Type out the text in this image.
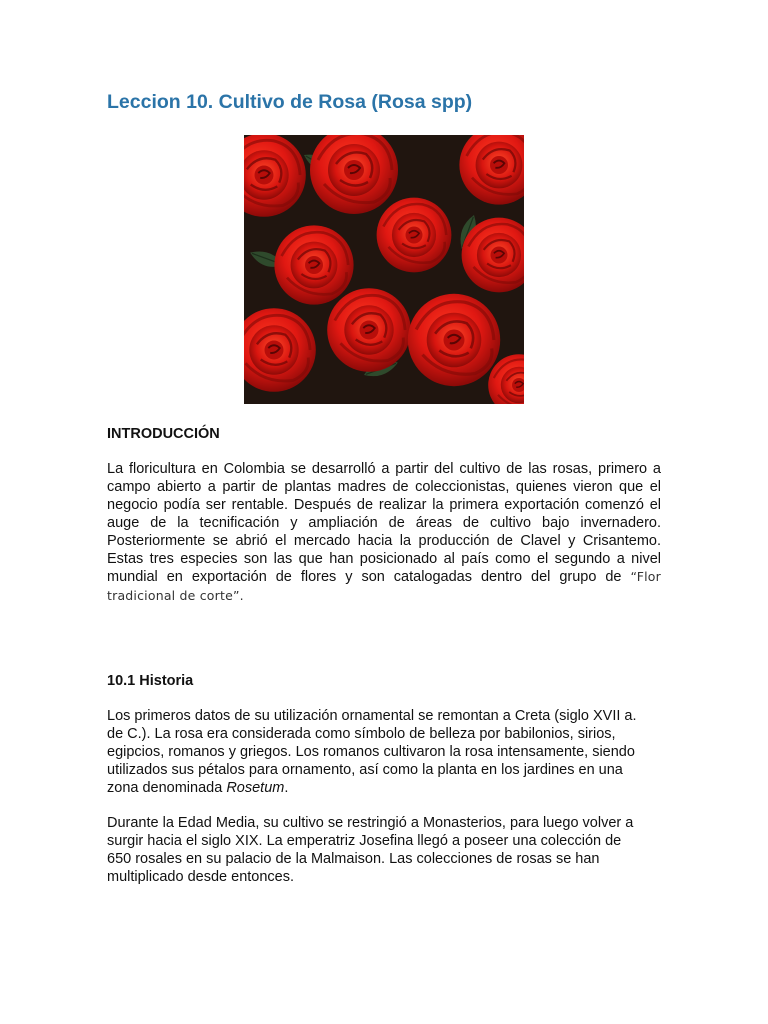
Leccion 10. Cultivo de Rosa (Rosa spp)
INTRODUCCIÓN
La floricultura en Colombia se desarrolló a partir del cultivo de las rosas, primero a
campo abierto a partir de plantas madres de coleccionistas, quienes vieron que el
negocio podía ser rentable. Después de realizar la primera exportación comenzó el
auge de la tecnificación y ampliación de áreas de cultivo bajo invernadero.
Posteriormente se abrió el mercado hacia la producción de Clavel y Crisantemo.
Estas tres especies son las que han posicionado al país como el segundo a nivel
mundial en exportación de flores y son catalogadas dentro del grupo de “Flor
tradicional de corte”.
10.1 Historia
Los primeros datos de su utilización ornamental se remontan a Creta (siglo XVII a.
de C.). La rosa era considerada como símbolo de belleza por babilonios, sirios,
egipcios, romanos y griegos. Los romanos cultivaron la rosa intensamente, siendo
utilizados sus pétalos para ornamento, así como la planta en los jardines en una
zona denominada Rosetum.
Durante la Edad Media, su cultivo se restringió a Monasterios, para luego volver a
surgir hacia el siglo XIX. La emperatriz Josefina llegó a poseer una colección de
650 rosales en su palacio de la Malmaison. Las colecciones de rosas se han
multiplicado desde entonces.
